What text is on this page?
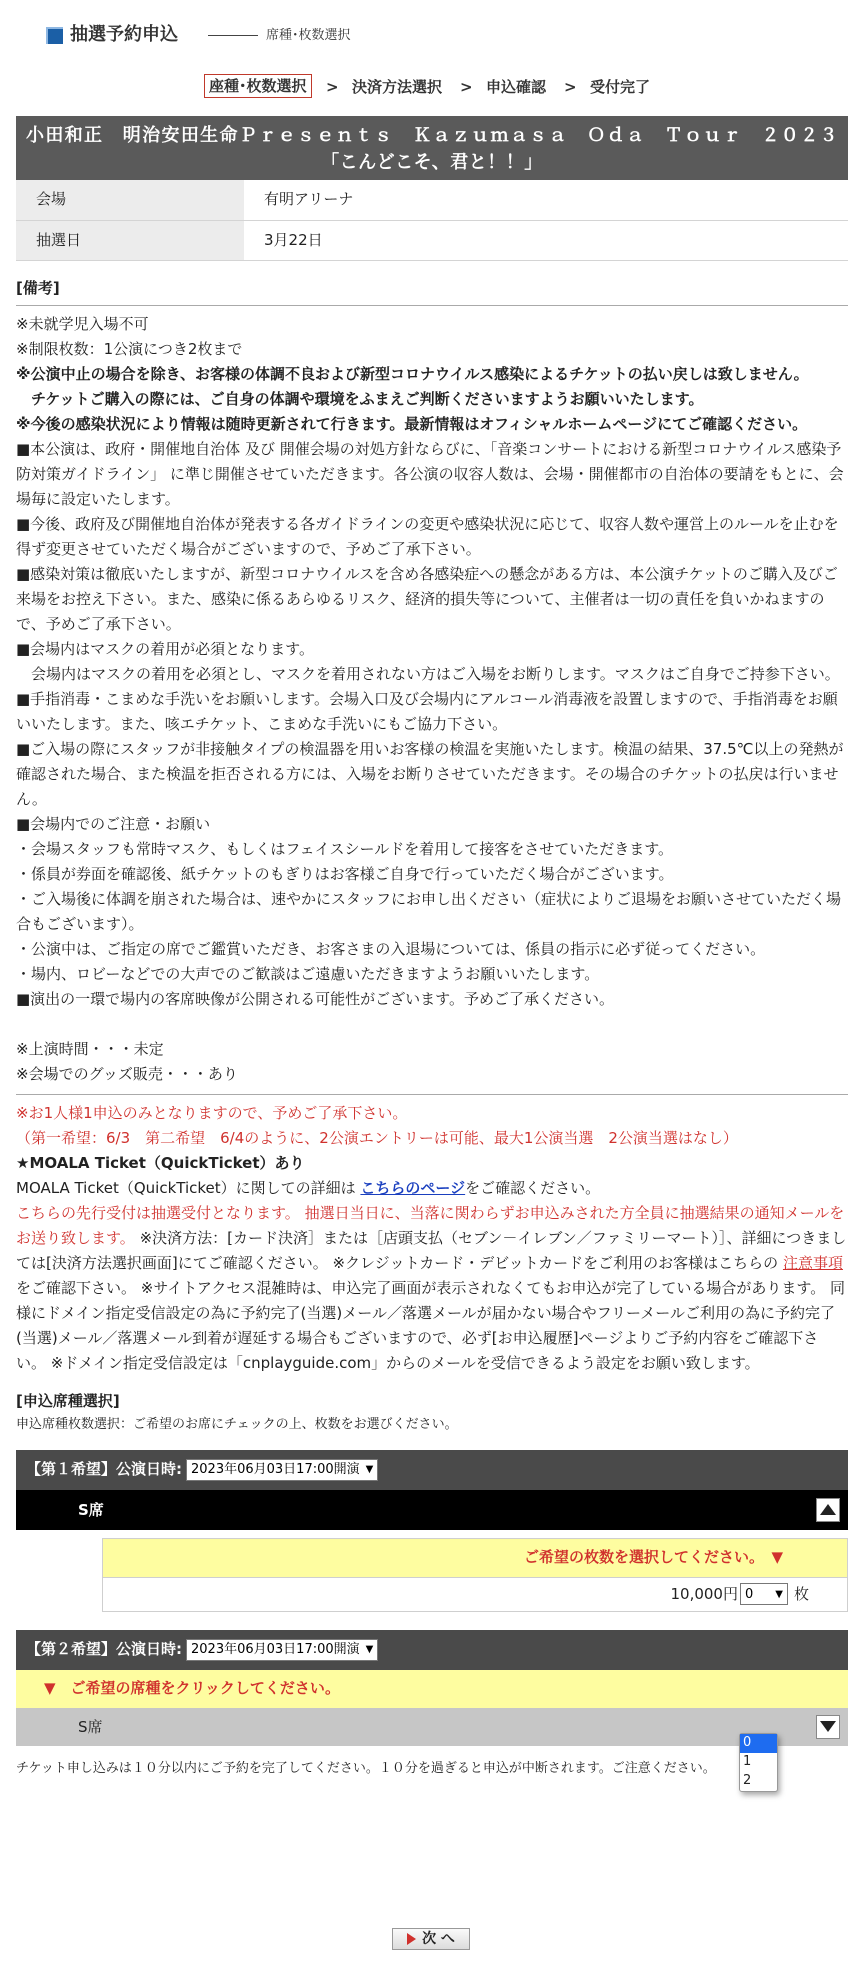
抽選予約申込	席種･枚数選択
座種･枚数選択	> 決済方法選択 > 申込確認 > 受付完了
小田和正　明治安田生命Ｐｒｅｓｅｎｔｓ　Ｋａｚｕｍａｓａ　Ｏｄａ　Ｔｏｕｒ　２０２３
「こんどこそ、君と！！」
会場	有明アリーナ
抽選日	3月22日
[備考]

※未就学児入場不可

※制限枚数：1公演につき2枚まで

※公演中止の場合を除き、お客様の体調不良および新型コロナウイルス感染によるチケットの払い戻しは致しません。

　チケットご購入の際には、ご自身の体調や環境をふまえご判断くださいますようお願いいたします。

※今後の感染状況により情報は随時更新されて行きます。最新情報はオフィシャルホームページにてご確認ください。

■本公演は、政府・開催地自治体 及び 開催会場の対処方針ならびに、「音楽コンサートにおける新型コロナウイルス感染予防対策ガイドライン」 に準じ開催させていただきます。各公演の収容人数は、会場・開催都市の自治体の要請をもとに、会場毎に設定いたします。

■今後、政府及び開催地自治体が発表する各ガイドラインの変更や感染状況に応じて、収容人数や運営上のルールを止むを得ず変更させていただく場合がございますので、予めご了承下さい。

■感染対策は徹底いたしますが、新型コロナウイルスを含め各感染症への懸念がある方は、本公演チケットのご購入及びご来場をお控え下さい。また、感染に係るあらゆるリスク、経済的損失等について、主催者は一切の責任を負いかねますので、予めご了承下さい。

■会場内はマスクの着用が必須となります。

　会場内はマスクの着用を必須とし、マスクを着用されない方はご入場をお断りします。マスクはご自身でご持参下さい。

■手指消毒・こまめな手洗いをお願いします。会場入口及び会場内にアルコール消毒液を設置しますので、手指消毒をお願いいたします。また、咳エチケット、こまめな手洗いにもご協力下さい。

■ご入場の際にスタッフが非接触タイプの検温器を用いお客様の検温を実施いたします。検温の結果、37.5℃以上の発熱が確認された場合、また検温を拒否される方には、入場をお断りさせていただきます。その場合のチケットの払戻は行いません。

■会場内でのご注意・お願い

・会場スタッフも常時マスク、もしくはフェイスシールドを着用して接客をさせていただきます。

・係員が券面を確認後、紙チケットのもぎりはお客様ご自身で行っていただく場合がございます。

・ご入場後に体調を崩された場合は、速やかにスタッフにお申し出ください（症状によりご退場をお願いさせていただく場合もございます）。

・公演中は、ご指定の席でご鑑賞いただき、お客さまの入退場については、係員の指示に必ず従ってください。

・場内、ロビーなどでの大声でのご歓談はご遠慮いただきますようお願いいたします。

■演出の一環で場内の客席映像が公開される可能性がございます。予めご了承ください。

※上演時間・・・未定

※会場でのグッズ販売・・・あり

※お1人様1申込のみとなりますので、予めご了承下さい。

（第一希望：6/3　第二希望　6/4のように、2公演エントリーは可能、最大1公演当選　2公演当選はなし）

★MOALA Ticket（QuickTicket）あり

MOALA Ticket（QuickTicket）に関しての詳細は こちらのページをご確認ください。

こちらの先行受付は抽選受付となります。 抽選日当日に、当落に関わらずお申込みされた方全員に抽選結果の通知メールをお送り致します。 ※決済方法：[カード決済］または［店頭支払（セブン－イレブン／ファミリーマート）］、詳細につきましては[決済方法選択画面]にてご確認ください。 ※クレジットカード・デビットカードをご利用のお客様はこちらの 注意事項 をご確認下さい。 ※サイトアクセス混雑時は、申込完了画面が表示されなくてもお申込が完了している場合があります。 同様にドメイン指定受信設定の為に予約完了(当選)メール／落選メールが届かない場合やフリーメールご利用の為に予約完了(当選)メール／落選メール到着が遅延する場合もございますので、必ず[お申込履歴]ページよりご予約内容をご確認下さい。 ※ドメイン指定受信設定は「cnplayguide.com」からのメールを受信できるよう設定をお願い致します。

[申込席種選択]
申込席種枚数選択：ご希望のお席にチェックの上、枚数をお選びください。
【第１希望】公演日時: 2023年06月03日17:00開演 ▼
S席
ご希望の枚数を選択してください。　▼
10,000円 0 ▼ 枚
【第２希望】公演日時: 2023年06月03日17:00開演 ▼
▼　ご希望の席種をクリックしてください。
S席
チケット申し込みは１０分以内にご予約を完了してください。１０分を過ぎると申込が中断されます。ご注意ください。
0
1
2
次 へ
